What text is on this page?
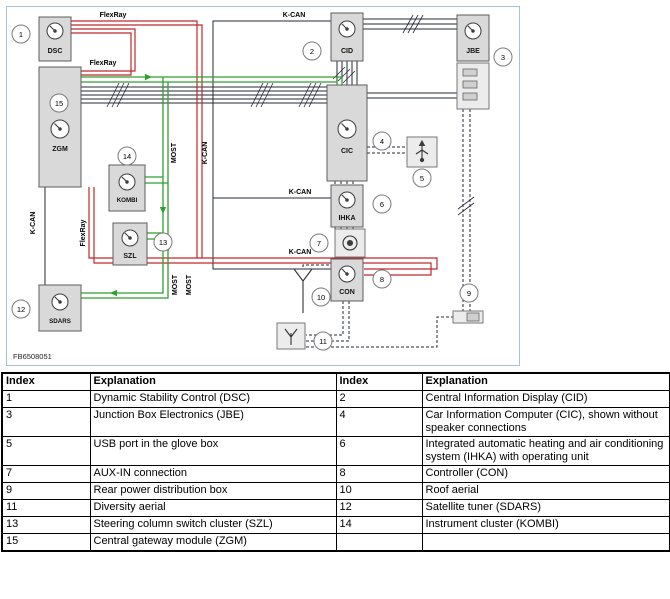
DSC	CID	JBE
ZGM	CIC
KOMBI
IHKA
SZL
CON
SDARS
FlexRay
FlexRay
K-CAN
K-CAN
MOST
FlexRay
K-CAN
K-CAN
K-CAN
MOST MOST
1
2
3
4
5
6
7
8
9
10
11
12
13
14
15
FB6508051
Index	Explanation	Index	Explanation
1	Dynamic Stability Control (DSC)	2	Central Information Display (CID)
3	Junction Box Electronics (JBE)	4	Car Information Computer (CIC), shown without speaker connections
5	USB port in the glove box	6	Integrated automatic heating and air conditioning system (IHKA) with operating unit
7	AUX-IN connection	8	Controller (CON)
9	Rear power distribution box	10	Roof aerial
11	Diversity aerial	12	Satellite tuner (SDARS)
13	Steering column switch cluster (SZL)	14	Instrument cluster (KOMBI)
15	Central gateway module (ZGM)		
